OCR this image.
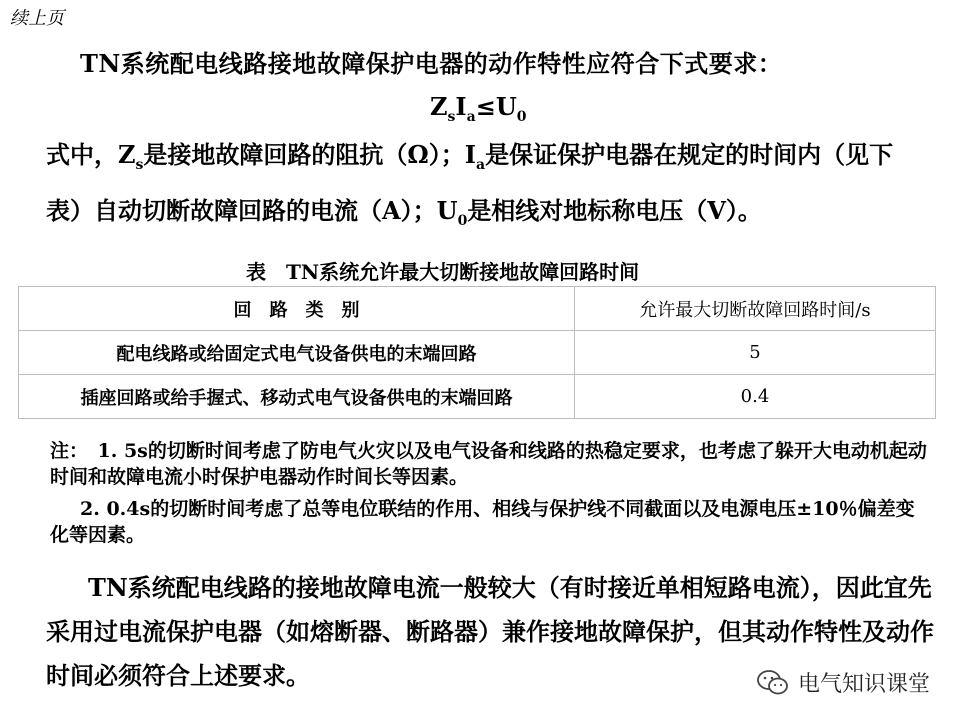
续上页
TN系统配电线路接地故障保护电器的动作特性应符合下式要求：
$Z_sI_a\le U_0$
式中，$Z_s$是接地故障回路的阻抗（Ω）；$I_a$是保证保护电器在规定的时间内（见下表）自动切断故障回路的电流（A）；$U_0$是相线对地标称电压（V）。
表　TN系统允许最大切断接地故障回路时间
回　路　类　别	允许最大切断故障回路时间/s
配电线路或给固定式电气设备供电的末端回路	5
插座回路或给手握式、移动式电气设备供电的末端回路	0.4
注：　1. 5s的切断时间考虑了防电气火灾以及电气设备和线路的热稳定要求，也考虑了躲开大电动机起动时间和故障电流小时保护电器动作时间长等因素。
2. 0.4s的切断时间考虑了总等电位联结的作用、相线与保护线不同截面以及电源电压±10％偏差变化等因素。
TN系统配电线路的接地故障电流一般较大（有时接近单相短路电流），因此宜先采用过电流保护电器（如熔断器、断路器）兼作接地故障保护，但其动作特性及动作时间必须符合上述要求。	电气知识课堂
